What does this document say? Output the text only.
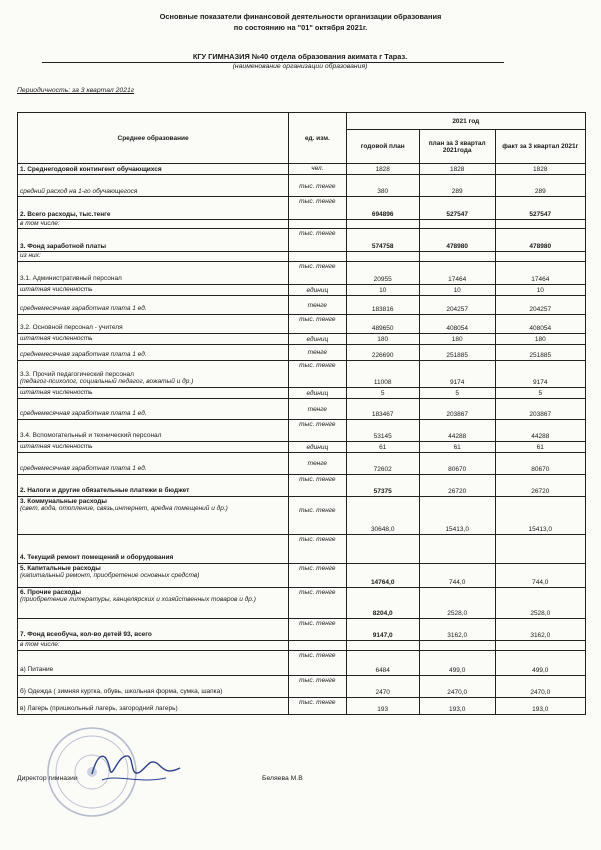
Основные показатели финансовой деятельности организации образования
по состоянию на "01" октября 2021г.
КГУ ГИМНАЗИЯ №40 отдела образования акимата г Тараз.
(наименование организации образования)
Периодичность: за 3 квартал 2021г
Среднее образование	ед. изм.	2021 год		
		годовой план	план за 3 квартал 2021года	факт за 3 квартал 2021г
1. Среднегодовой контингент обучающихся	чел.	1828	1828	1828
средний расход на 1-го обучающегося	тыс. тенге	380	289	289
2. Всего расходы, тыс.тенге	тыс. тенге	694896	527547	527547
в том числе:				
3. Фонд заработной платы	тыс. тенге	574758	478980	478980
из них:				
3.1. Административный персонал	тыс. тенге	20955	17464	17464
штатная численность	единиц	10	10	10
среднемесячная заработная плата 1 ед.	тенге	183816	204257	204257
3.2. Основной персонал - учителя	тыс. тенге	489650	408054	408054
штатная численность	единиц	180	180	180
среднемесячная заработная плата 1 ед.	тенге	226690	251885	251885
3.3. Прочий педагогический персонал
(педагог-психолог, социальный педагог, вожатый и др.)	тыс. тенге	11008	9174	9174
штатная численность	единиц	5	5	5
среднемесячная заработная плата 1 ед.	тенге	183467	203867	203867
3.4. Вспомогательный и технический персонал	тыс. тенге	53145	44288	44288
штатная численность	единиц	61	61	61
среднемесячная заработная плата 1 ед.	тенге	72602	80670	80670
2. Налоги и другие обязательные платежи в бюджет	тыс. тенге	57375	26720	26720
3. Коммунальные расходы
(свет, вода, отопление, связь,интернет, аредна помещений и др.)	тыс. тенге	30648,0	15413,0	15413,0
4. Текущий ремонт помещений и оборудования	тыс. тенге			
5. Капитальные расходы
(капитальный ремонт, приобретение основных средств)	тыс. тенге	14764,0	744,0	744,0
6. Прочие расходы
(приобретение литературы, канцелярских и хозяйственных товаров и др.)	тыс. тенге	8204,0	2528,0	2528,0
7. Фонд всеобуча, кол-во детей 93, всего	тыс. тенге	9147,0	3162,0	3162,0
в том числе:				
а) Питание	тыс. тенге	6484	499,0	499,0
б) Одежда ( зимняя куртка, обувь, школьная форма, сумка, шапка)	тыс. тенге	2470	2470,0	2470,0
в) Лагерь (пришкольный лагерь, загородний лагерь)	тыс. тенге	193	193,0	193,0
Директор гимназии	Беляева М.В
